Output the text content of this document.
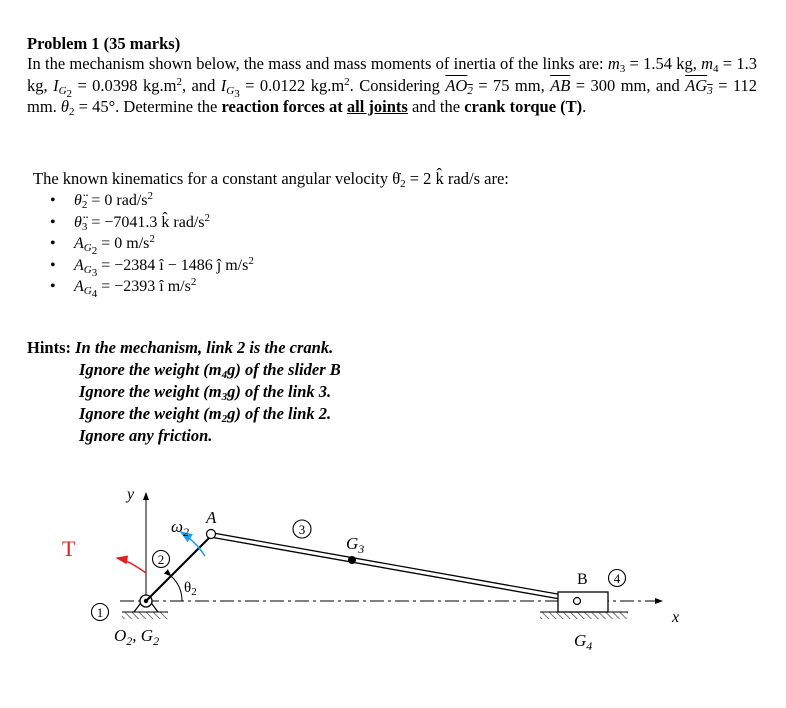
Problem 1 (35 marks)
In the mechanism shown below, the mass and mass moments of inertia of the links are: $m_3 = 1.54$ kg, $m_4 = 1.3$ kg, $I_{G_2} = 0.0398$ $kg.m^2$, and $I_{G_3} = 0.0122$ $kg.m^2$. Considering $AO_2 = 75$ mm, $\overline{AB} = 300$ mm, and $AG_3 = 112$ mm. $\theta_2 = 45^\circ$. Determine the reaction forces at all joints and the crank torque (T).
The known kinematics for a constant angular velocity $\thetȧ_2 = 2$ k̂ rad/s are:
• $\thetä_2 = 0$ rad/$s^2$
• $\thetä_3 = -7041.3$ k̂ rad/$s^2$
• $A_{G_2} = 0$ $m/s^2$
• $A_{G_3} = -2384$ î − 1486 ĵ $m/s^2$
• $A_{G_4} = -2393$ î $m/s^2$
Hints: In the mechanism, link 2 is the crank.
Ignore the weight $(m_4g)$ of the slider B
Ignore the weight $(m_3g)$ of the link 3.
Ignore the weight $(m_2g)$ of the link 2.
Ignore any friction.
y
x
T
$\omega_2$
$\theta_2$
A
$G_3$
B
$G_4$
$O_2$, $G_2$
1
2
3
4
